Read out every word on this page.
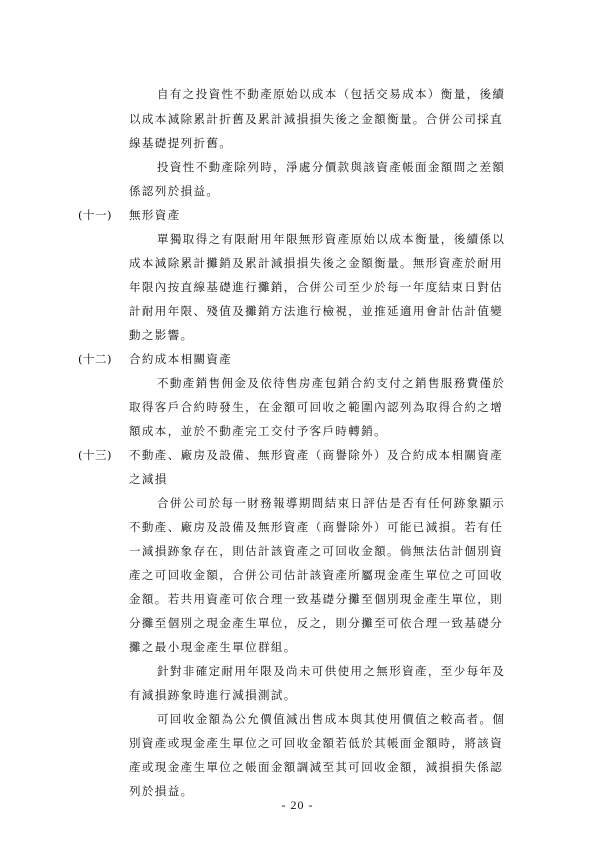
自有之投資性不動產原始以成本（包括交易成本）衡量，後續

以成本減除累計折舊及累計減損損失後之金額衡量。合併公司採直

線基礎提列折舊。

投資性不動產除列時，淨處分價款與該資產帳面金額間之差額

係認列於損益。

(十一) 無形資產

單獨取得之有限耐用年限無形資產原始以成本衡量，後續係以

成本減除累計攤銷及累計減損損失後之金額衡量。無形資產於耐用

年限內按直線基礎進行攤銷，合併公司至少於每一年度結束日對估

計耐用年限、殘值及攤銷方法進行檢視，並推延適用會計估計值變

動之影響。

(十二) 合約成本相關資產

不動產銷售佣金及依待售房產包銷合約支付之銷售服務費僅於

取得客戶合約時發生，在金額可回收之範圍內認列為取得合約之增

額成本，並於不動產完工交付予客戶時轉銷。

(十三) 不動產、廠房及設備、無形資產（商譽除外）及合約成本相關資產

之減損

合併公司於每一財務報導期間結束日評估是否有任何跡象顯示

不動產、廠房及設備及無形資產（商譽除外）可能已減損。若有任

一減損跡象存在，則估計該資產之可回收金額。倘無法估計個別資

產之可回收金額，合併公司估計該資產所屬現金產生單位之可回收

金額。若共用資產可依合理一致基礎分攤至個別現金產生單位，則

分攤至個別之現金產生單位，反之，則分攤至可依合理一致基礎分

攤之最小現金產生單位群組。

針對非確定耐用年限及尚未可供使用之無形資產，至少每年及

有減損跡象時進行減損測試。

可回收金額為公允價值減出售成本與其使用價值之較高者。個

別資產或現金產生單位之可回收金額若低於其帳面金額時，將該資

產或現金產生單位之帳面金額調減至其可回收金額，減損損失係認

列於損益。

- 20 -
